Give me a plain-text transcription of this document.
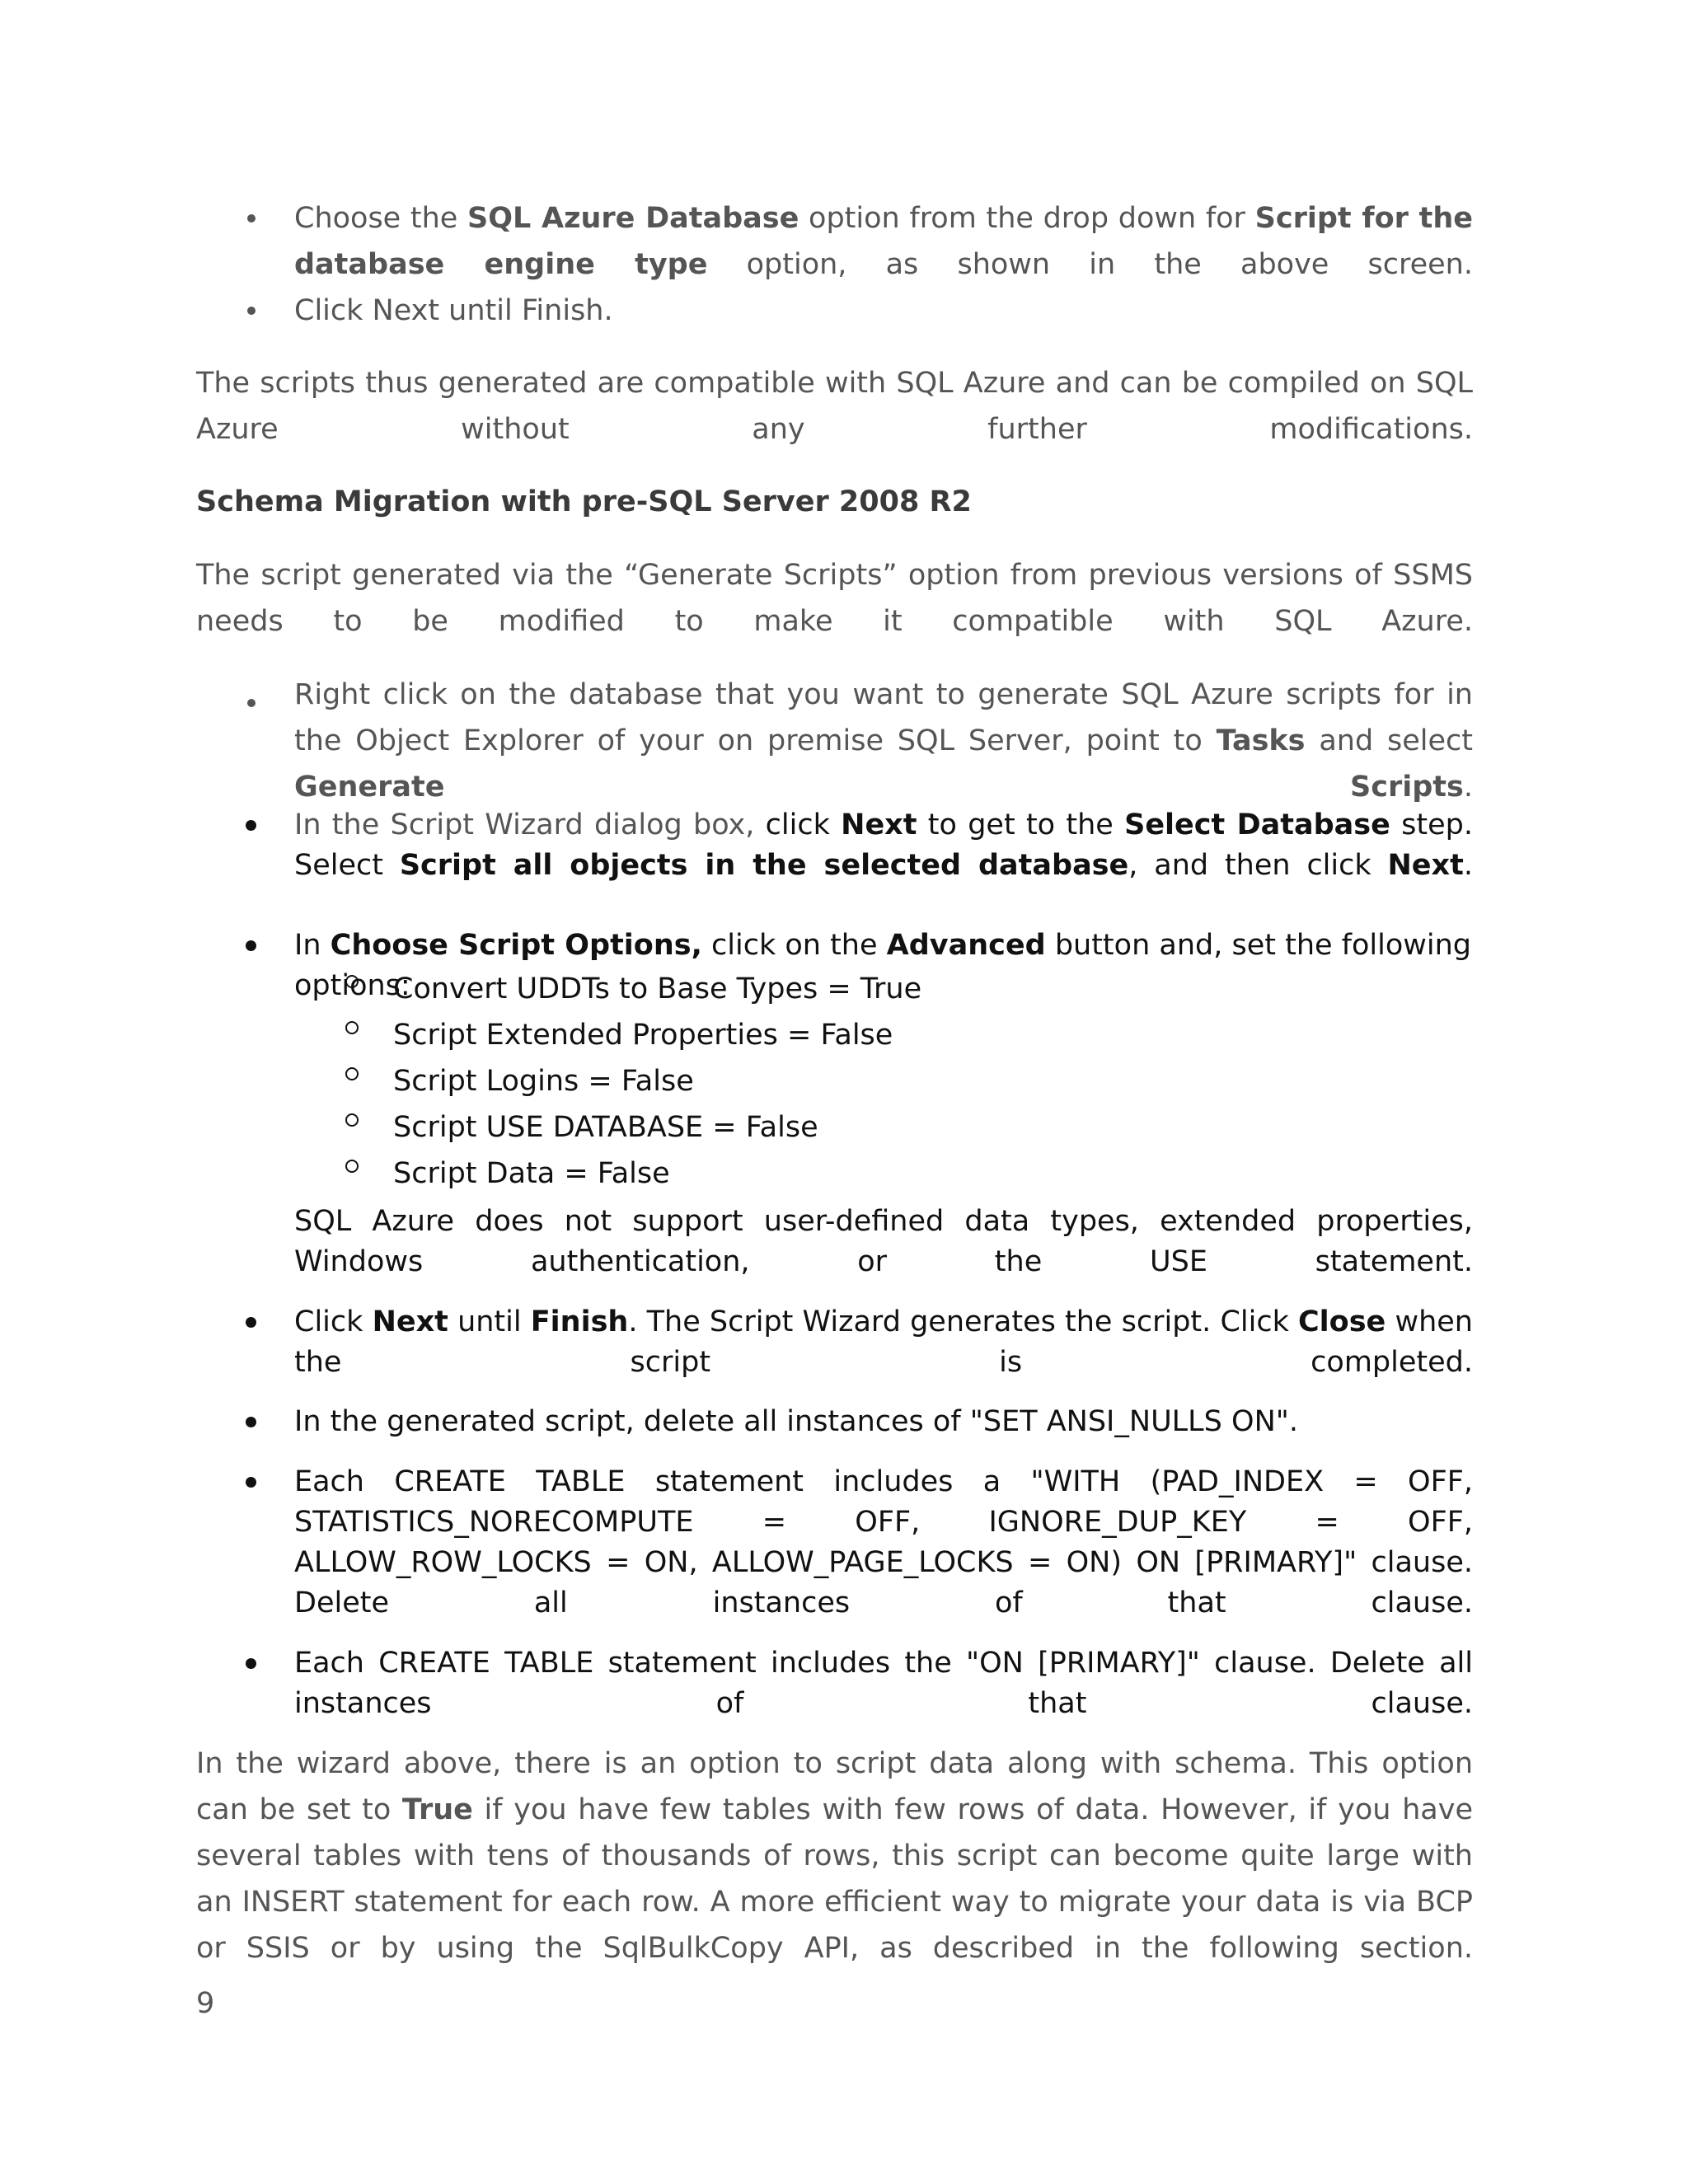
Choose the SQL Azure Database option from the drop down for Script for the database engine type option, as shown in the above screen.

Click Next until Finish.

The scripts thus generated are compatible with SQL Azure and can be compiled on SQL Azure without any further modifications.

Schema Migration with pre-SQL Server 2008 R2

The script generated via the “Generate Scripts” option from previous versions of SSMS needs to be modified to make it compatible with SQL Azure.

Right click on the database that you want to generate SQL Azure scripts for in the Object Explorer of your on premise SQL Server, point to Tasks and select Generate Scripts.

In the Script Wizard dialog box, click Next to get to the Select Database step. Select Script all objects in the selected database, and then click Next.

In Choose Script Options, click on the Advanced button and, set the following options:

Convert UDDTs to Base Types = True

Script Extended Properties = False

Script Logins = False

Script USE DATABASE = False

Script Data = False

SQL Azure does not support user-defined data types, extended properties, Windows authentication, or the USE statement.

Click Next until Finish. The Script Wizard generates the script. Click Close when the script is completed.

In the generated script, delete all instances of "SET ANSI_NULLS ON".

Each CREATE TABLE statement includes a "WITH (PAD_INDEX = OFF, STATISTICS_NORECOMPUTE = OFF, IGNORE_DUP_KEY = OFF, ALLOW_ROW_LOCKS = ON, ALLOW_PAGE_LOCKS = ON) ON [PRIMARY]" clause. Delete all instances of that clause.

Each CREATE TABLE statement includes the "ON [PRIMARY]" clause. Delete all instances of that clause.

In the wizard above, there is an option to script data along with schema. This option can be set to True if you have few tables with few rows of data. However, if you have several tables with tens of thousands of rows, this script can become quite large with an INSERT statement for each row. A more efficient way to migrate your data is via BCP or SSIS or by using the SqlBulkCopy API, as described in the following section.

9
